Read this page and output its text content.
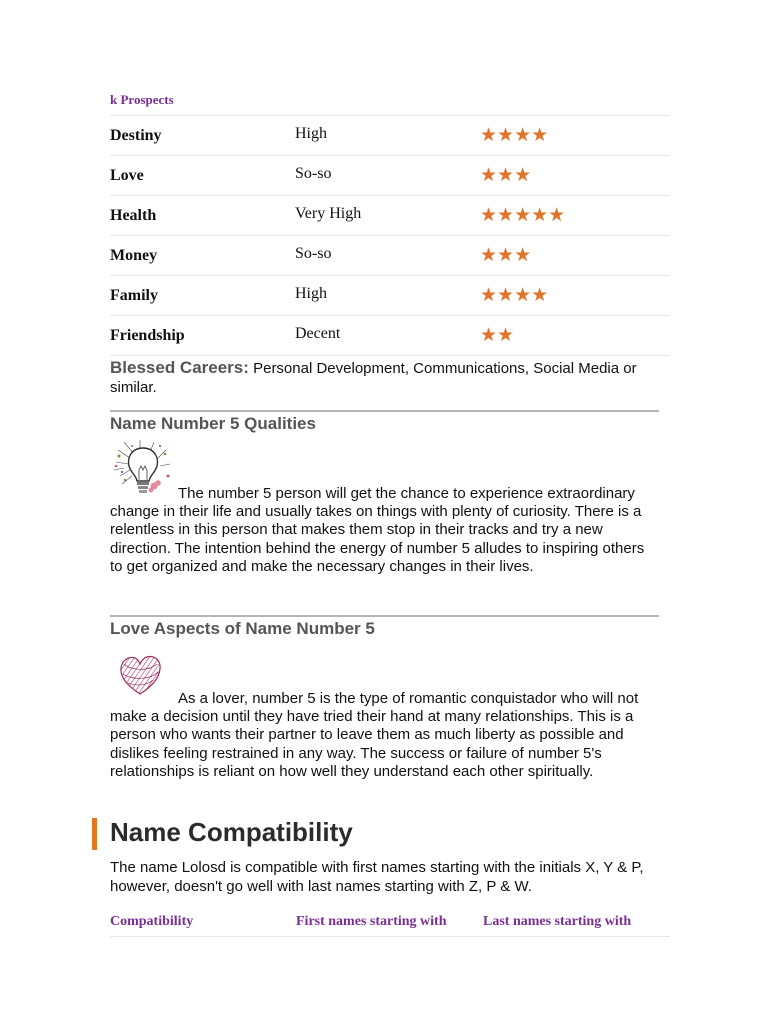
k Prospects
Destiny	High	★★★★
Love	So-so	★★★
Health	Very High	★★★★★
Money	So-so	★★★
Family	High	★★★★
Friendship	Decent	★★
Blessed Careers: Personal Development, Communications, Social Media or similar.
Name Number 5 Qualities
The number 5 person will get the chance to experience extraordinary change in their life and usually takes on things with plenty of curiosity. There is a relentless in this person that makes them stop in their tracks and try a new direction. The intention behind the energy of number 5 alludes to inspiring others to get organized and make the necessary changes in their lives.
Love Aspects of Name Number 5
As a lover, number 5 is the type of romantic conquistador who will not make a decision until they have tried their hand at many relationships. This is a person who wants their partner to leave them as much liberty as possible and dislikes feeling restrained in any way. The success or failure of number 5's relationships is reliant on how well they understand each other spiritually.
Name Compatibility
The name Lolosd is compatible with first names starting with the initials X, Y & P, however, doesn't go well with last names starting with Z, P & W.
Compatibility	First names starting with	Last names starting with
